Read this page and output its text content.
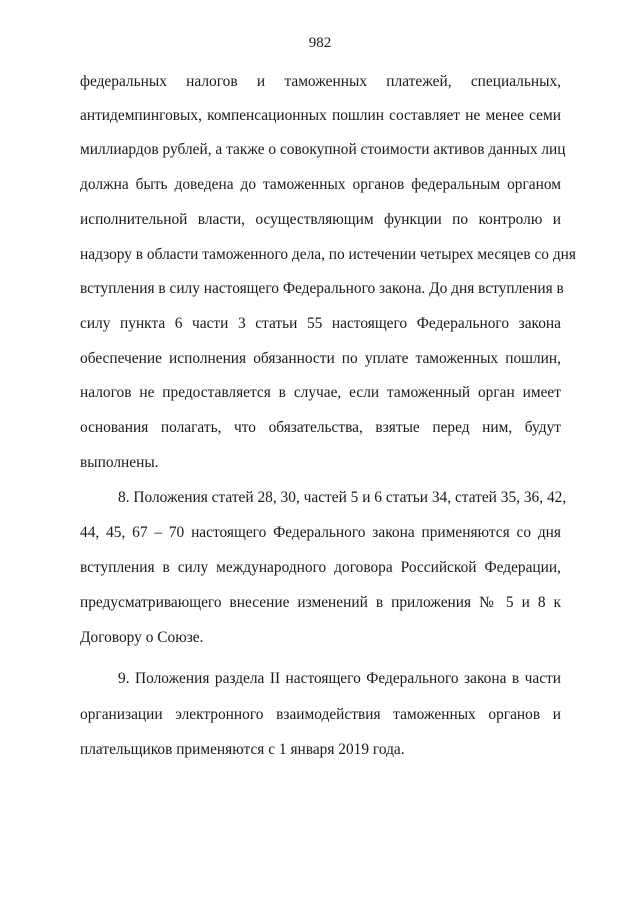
982
федеральных налогов и таможенных платежей, специальных,
антидемпинговых, компенсационных пошлин составляет не менее семи
миллиардов рублей, а также о совокупной стоимости активов данных лиц
должна быть доведена до таможенных органов федеральным органом
исполнительной власти, осуществляющим функции по контролю и
надзору в области таможенного дела, по истечении четырех месяцев со дня
вступления в силу настоящего Федерального закона. До дня вступления в
силу пункта 6 части 3 статьи 55 настоящего Федерального закона
обеспечение исполнения обязанности по уплате таможенных пошлин,
налогов не предоставляется в случае, если таможенный орган имеет
основания полагать, что обязательства, взятые перед ним, будут
выполнены.
8. Положения статей 28, 30, частей 5 и 6 статьи 34, статей 35, 36, 42,
44, 45, 67 – 70 настоящего Федерального закона применяются со дня
вступления в силу международного договора Российской Федерации,
предусматривающего внесение изменений в приложения № 5 и 8 к
Договору о Союзе.
9. Положения раздела II настоящего Федерального закона в части
организации электронного взаимодействия таможенных органов и
плательщиков применяются с 1 января 2019 года.
